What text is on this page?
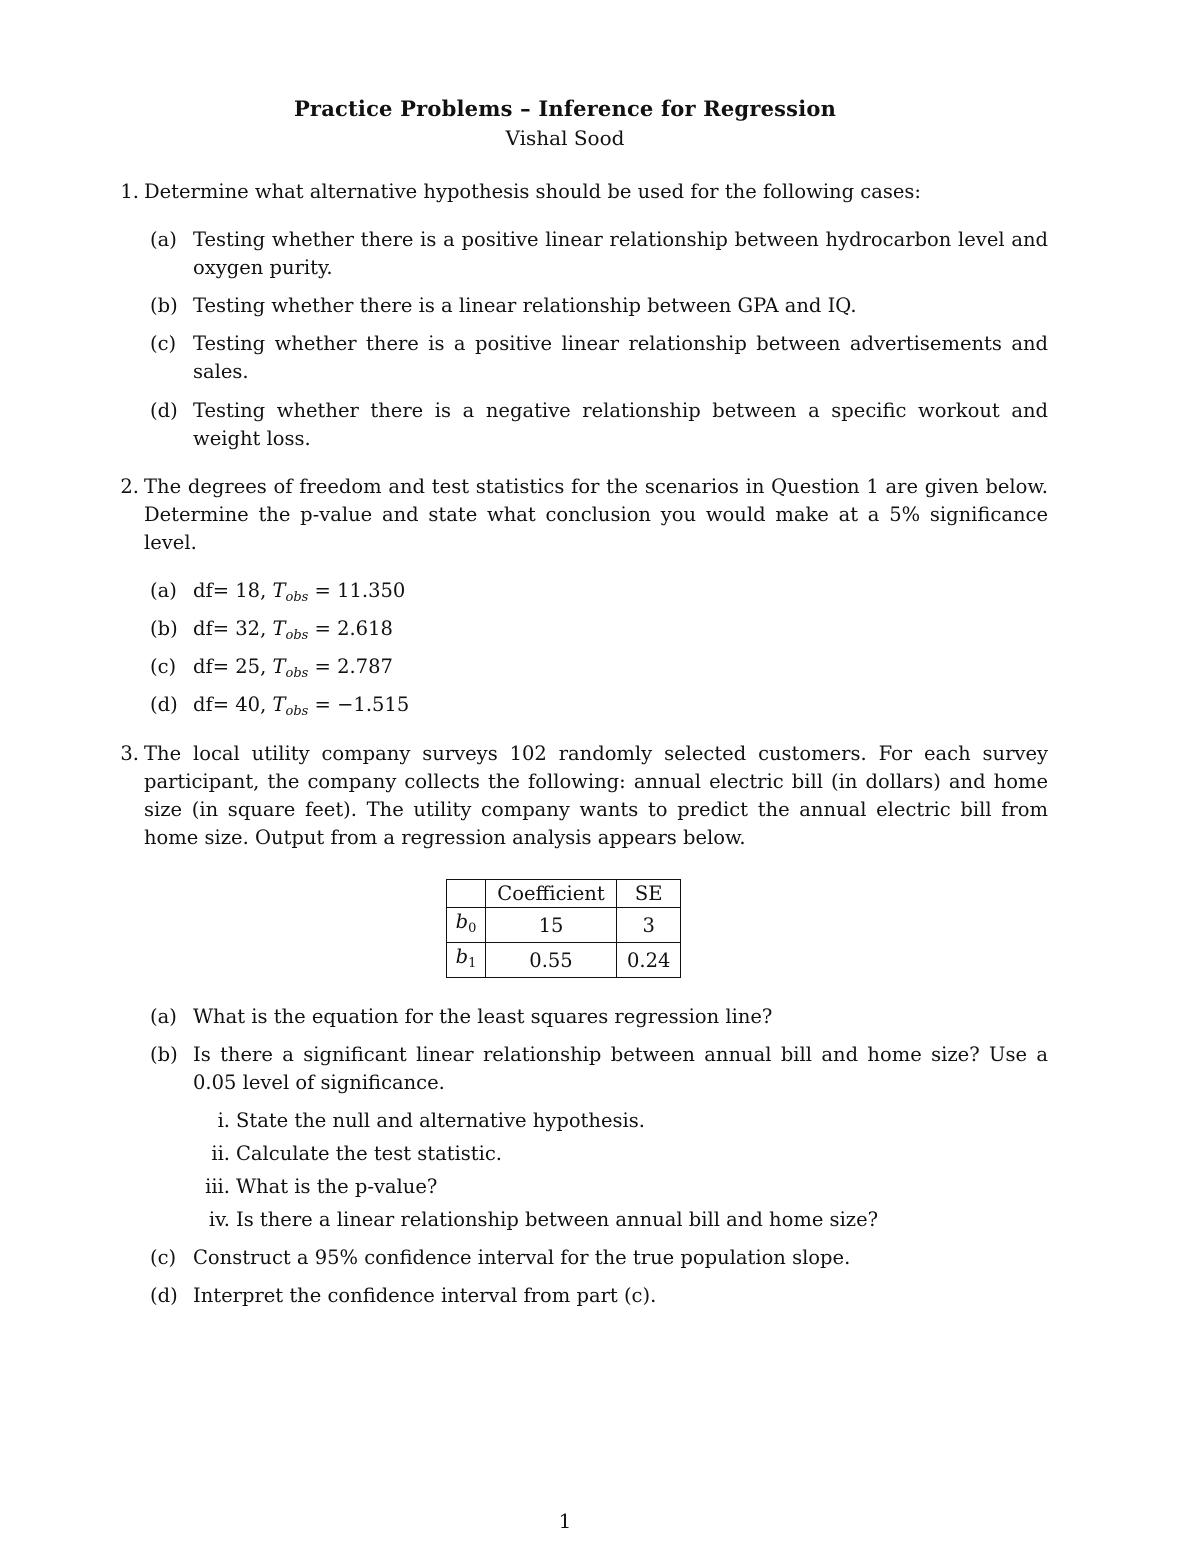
Practice Problems – Inference for Regression
Vishal Sood
1. Determine what alternative hypothesis should be used for the following cases:
(a) Testing whether there is a positive linear relationship between hydrocarbon level and oxygen purity.
(b) Testing whether there is a linear relationship between GPA and IQ.
(c) Testing whether there is a positive linear relationship between advertisements and sales.
(d) Testing whether there is a negative relationship between a specific workout and weight loss.
2. The degrees of freedom and test statistics for the scenarios in Question 1 are given below. Determine the p-value and state what conclusion you would make at a 5% significance level.
(a) df= 18, $T_{obs} = 11.350$
(b) df= 32, $T_{obs} = 2.618$
(c) df= 25, $T_{obs} = 2.787$
(d) df= 40, $T_{obs} = -1.515$
3. The local utility company surveys 102 randomly selected customers. For each survey participant, the company collects the following: annual electric bill (in dollars) and home size (in square feet). The utility company wants to predict the annual electric bill from home size. Output from a regression analysis appears below.
	Coefficient	SE
$b_0$	15	3
$b_1$	0.55	0.24
(a) What is the equation for the least squares regression line?
(b) Is there a significant linear relationship between annual bill and home size? Use a 0.05 level of significance.
i. State the null and alternative hypothesis.
ii. Calculate the test statistic.
iii. What is the p-value?
iv. Is there a linear relationship between annual bill and home size?
(c) Construct a 95% confidence interval for the true population slope.
(d) Interpret the confidence interval from part (c).
1
